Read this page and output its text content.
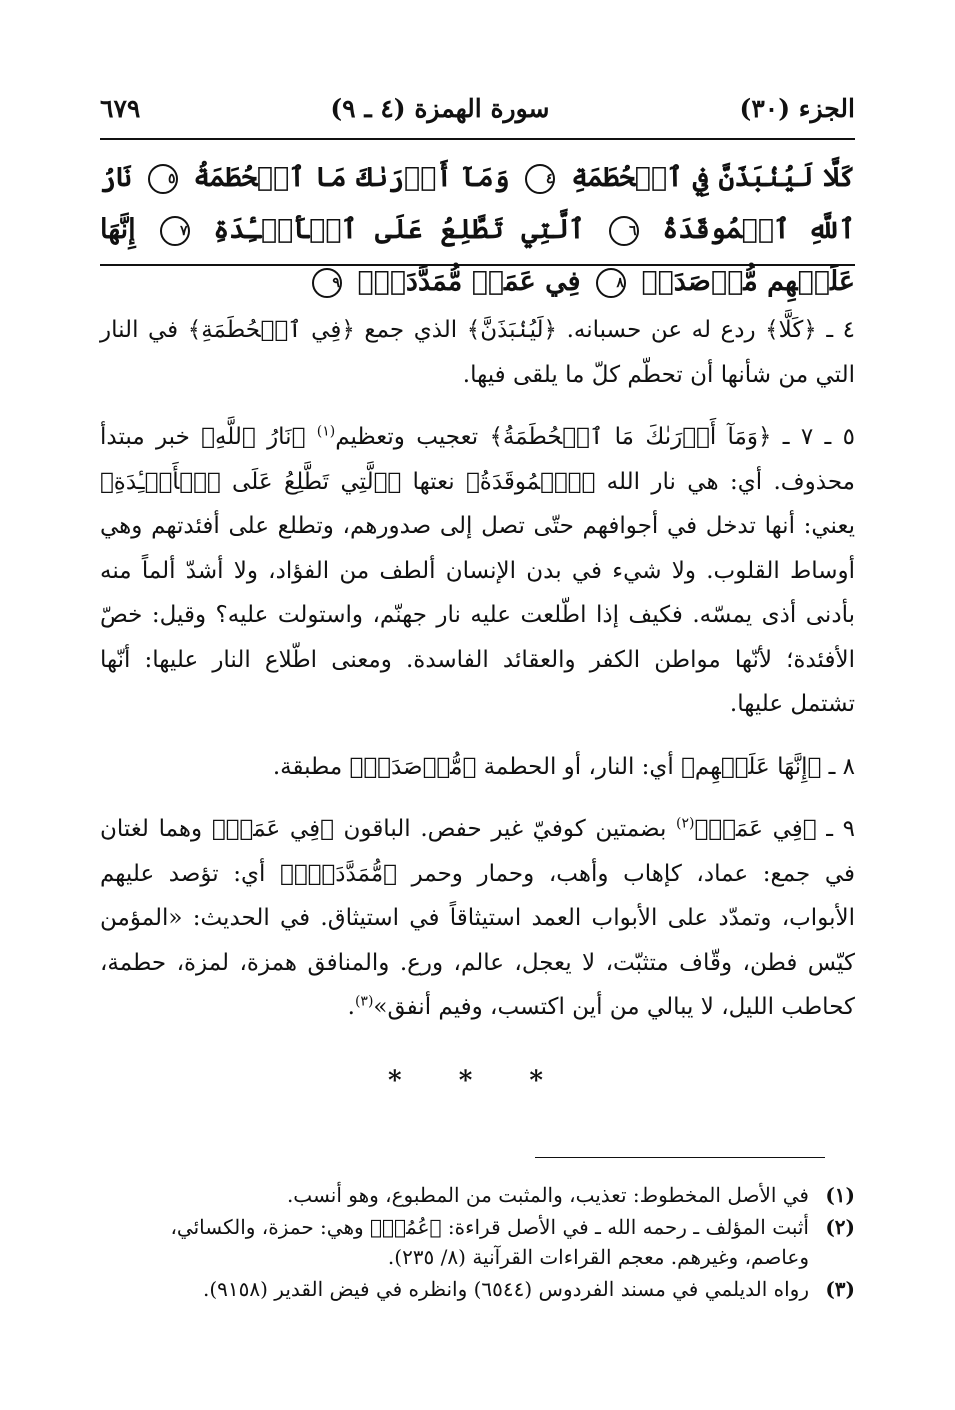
الجزء (٣٠)
سورة الهمزة (٤ ـ ٩)
٦٧٩
كَلَّا لَيُنۢبَذَنَّ فِي ٱلۡحُطَمَةِ ٤ وَمَآ أَدۡرَىٰكَ مَا ٱلۡحُطَمَةُ ٥ نَارُ ٱللَّهِ ٱلۡمُوقَدَةُ ٦ ٱلَّتِي تَطَّلِعُ عَلَى ٱلۡأَفۡـِٔدَةِ ٧ إِنَّهَا عَلَيۡهِم مُّؤۡصَدَةٞ ٨ فِي عَمَدٖ مُّمَدَّدَةِۭ ٩

٤ ـ ﴿كَلَّا﴾ ردع له عن حسبانه. ﴿لَيُنۢبَذَنَّ﴾ الذي جمع ﴿فِي ٱلۡحُطَمَةِ﴾ في النار التي من شأنها أن تحطّم كلّ ما يلقى فيها.

٥ ـ ٧ ـ ﴿وَمَآ أَدۡرَىٰكَ مَا ٱلۡحُطَمَةُ﴾ تعجيب وتعظيم$^{(١)}$ ﴿نَارُ ٱللَّهِ﴾ خبر مبتدأ محذوف. أي: هي نار الله ﴿ٱلۡمُوقَدَةُ﴾ نعتها ﴿ٱلَّتِي تَطَّلِعُ عَلَى ٱلۡأَفۡـِٔدَةِ﴾ يعني: أنها تدخل في أجوافهم حتّى تصل إلى صدورهم، وتطلع على أفئدتهم وهي أوساط القلوب. ولا شيء في بدن الإنسان ألطف من الفؤاد، ولا أشدّ ألماً منه بأدنى أذى يمسّه. فكيف إذا اطّلعت عليه نار جهنّم، واستولت عليه؟ وقيل: خصّ الأفئدة؛ لأنّها مواطن الكفر والعقائد الفاسدة. ومعنى اطّلاع النار عليها: أنّها تشتمل عليها.

٨ ـ ﴿إِنَّهَا عَلَيۡهِم﴾ أي: النار، أو الحطمة ﴿مُّؤۡصَدَةٞ﴾ مطبقة.

٩ ـ ﴿فِي عَمَدٖ﴾$^{(٢)}$ بضمتين كوفيّ غير حفص. الباقون ﴿فِي عَمَدٖ﴾ وهما لغتان في جمع: عماد، كإهاب وأهب، وحمار وحمر ﴿مُّمَدَّدَةِۭ﴾ أي: تؤصد عليهم الأبواب، وتمدّد على الأبواب العمد استيثاقاً في استيثاق. في الحديث: «المؤمن كيّس فطن، وقّاف متثبّت، لا يعجل، عالم، ورع. والمنافق همزة، لمزة، حطمة، كحاطب الليل، لا يبالي من أين اكتسب، وفيم أنفق»$^{(٣)}$.

* * *
(١)
في الأصل المخطوط: تعذيب، والمثبت من المطبوع، وهو أنسب.
(٢)
أثبت المؤلف ـ رحمه الله ـ في الأصل قراءة: ﴿عُمُدٖ﴾ وهي: حمزة، والكسائي، وعاصم، وغيرهم. معجم القراءات القرآنية (٨/ ٢٣٥).
(٣)
رواه الديلمي في مسند الفردوس (٦٥٤٤) وانظره في فيض القدير (٩١٥٨).
